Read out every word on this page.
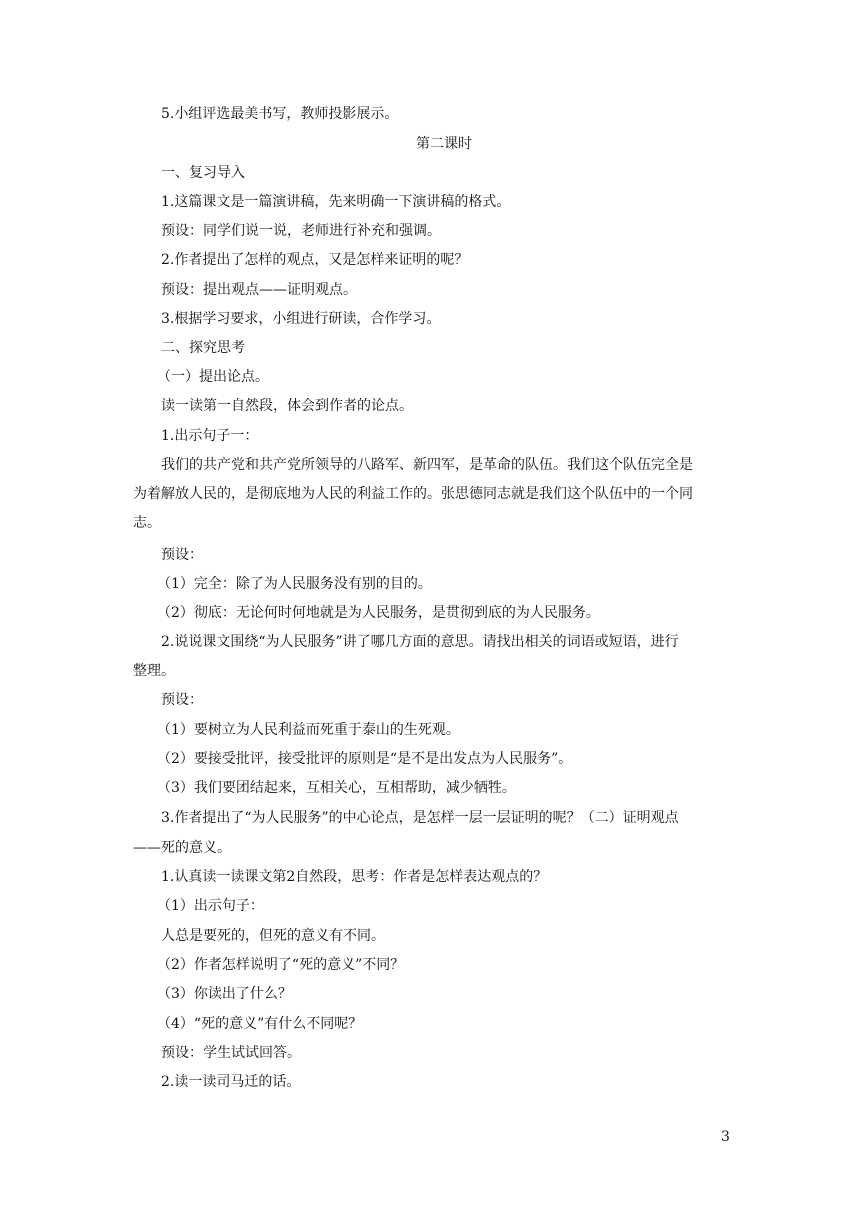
5.小组评选最美书写，教师投影展示。
第二课时
一、复习导入
1.这篇课文是一篇演讲稿，先来明确一下演讲稿的格式。
预设：同学们说一说，老师进行补充和强调。
2.作者提出了怎样的观点，又是怎样来证明的呢？
预设：提出观点——证明观点。
3.根据学习要求，小组进行研读，合作学习。
二、探究思考
（一）提出论点。
读一读第一自然段，体会到作者的论点。
1.出示句子一：
我们的共产党和共产党所领导的八路军、新四军，是革命的队伍。我们这个队伍完全是
为着解放人民的，是彻底地为人民的利益工作的。张思德同志就是我们这个队伍中的一个同
志。
预设：
（1）完全：除了为人民服务没有别的目的。
（2）彻底：无论何时何地就是为人民服务，是贯彻到底的为人民服务。
2.说说课文围绕“为人民服务”讲了哪几方面的意思。请找出相关的词语或短语，进行
整理。
预设：
（1）要树立为人民利益而死重于泰山的生死观。
（2）要接受批评，接受批评的原则是“是不是出发点为人民服务”。
（3）我们要团结起来，互相关心，互相帮助，减少牺牲。
3.作者提出了“为人民服务”的中心论点，是怎样一层一层证明的呢？（二）证明观点
——死的意义。
1.认真读一读课文第2自然段，思考：作者是怎样表达观点的？
（1）出示句子：
人总是要死的，但死的意义有不同。
（2）作者怎样说明了“死的意义”不同？
（3）你读出了什么？
（4）“死的意义”有什么不同呢？
预设：学生试试回答。
2.读一读司马迁的话。
3
